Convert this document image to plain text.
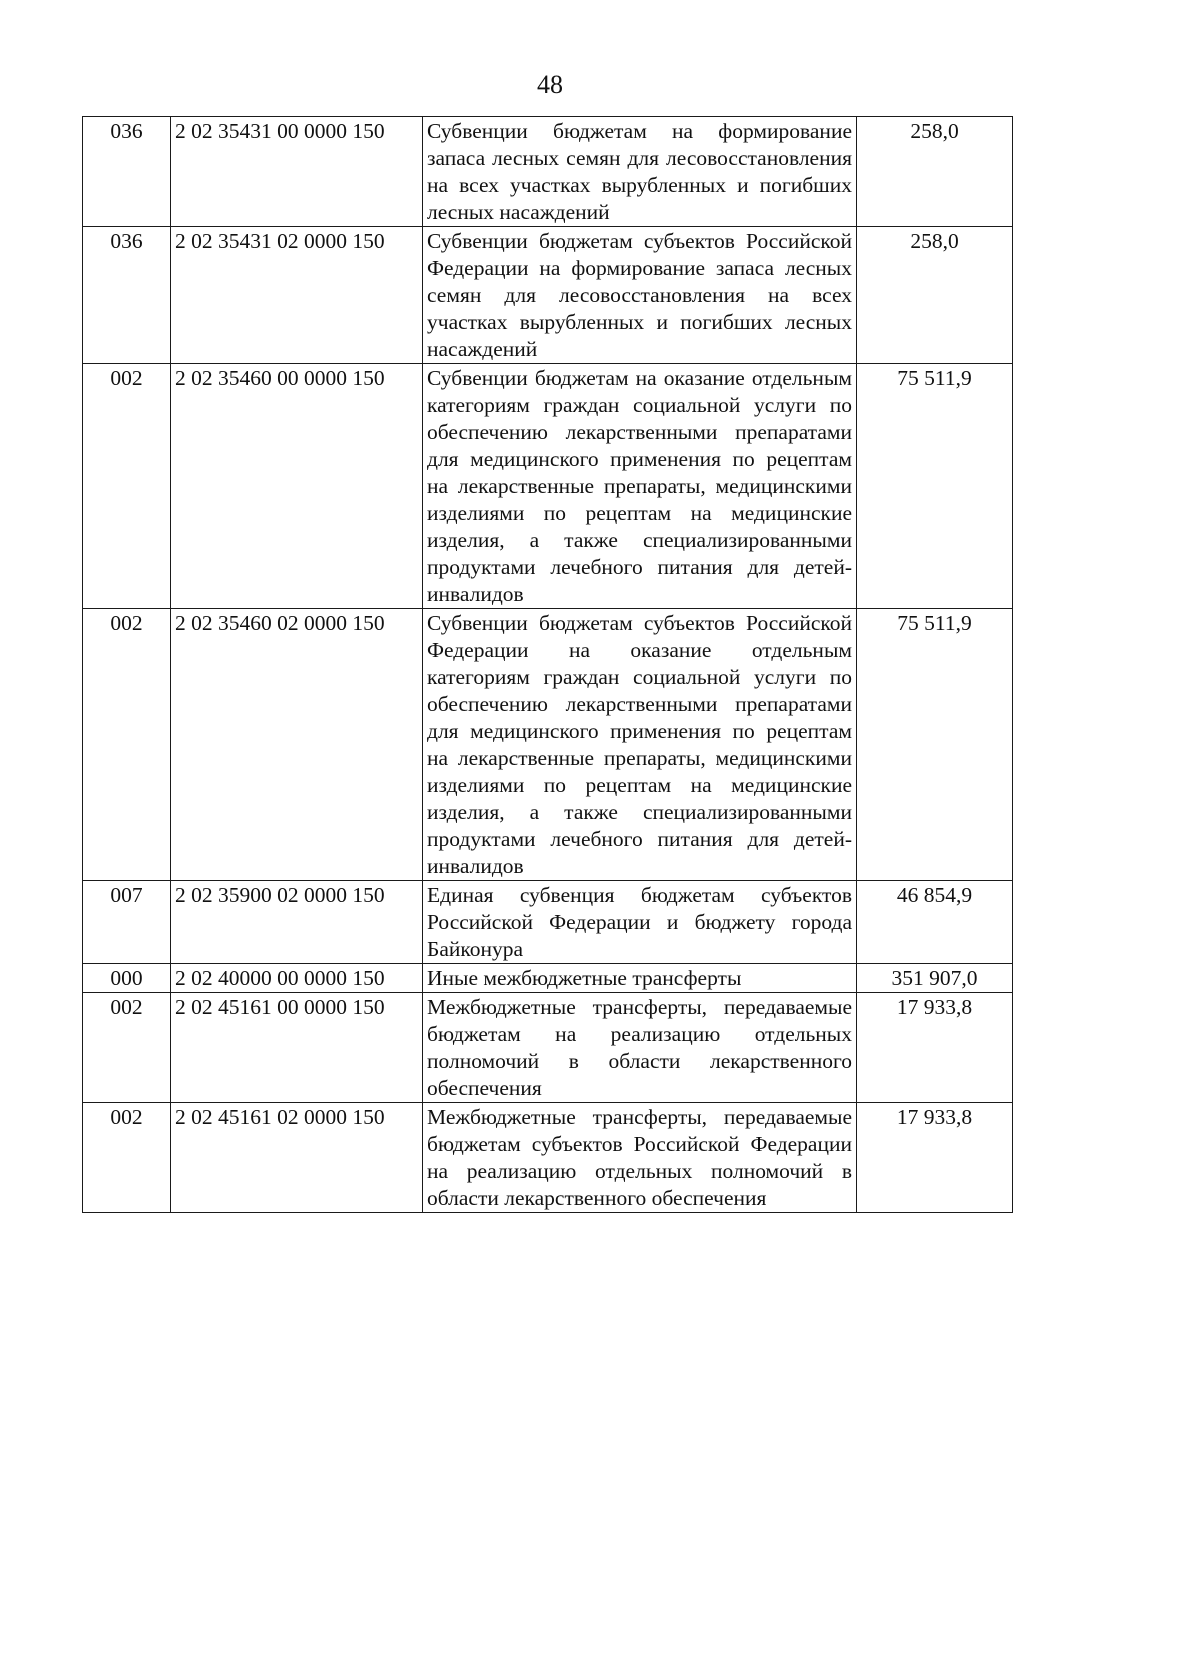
48
036	2 02 35431 00 0000 150	Субвенции бюджетам на формирование запаса лесных семян для лесовосстановления на всех участках вырубленных и погибших лесных насаждений	258,0
036	2 02 35431 02 0000 150	Субвенции бюджетам субъектов Российской Федерации на формирование запаса лесных семян для лесовосстановления на всех участках вырубленных и погибших лесных насаждений	258,0
002	2 02 35460 00 0000 150	Субвенции бюджетам на оказание отдельным категориям граждан социальной услуги по обеспечению лекарственными препаратами для медицинского применения по рецептам на лекарственные препараты, медицинскими изделиями по рецептам на медицинские изделия, а также специализированными продуктами лечебного питания для детей-инвалидов	75 511,9
002	2 02 35460 02 0000 150	Субвенции бюджетам субъектов Российской Федерации на оказание отдельным категориям граждан социальной услуги по обеспечению лекарственными препаратами для медицинского применения по рецептам на лекарственные препараты, медицинскими изделиями по рецептам на медицинские изделия, а также специализированными продуктами лечебного питания для детей-инвалидов	75 511,9
007	2 02 35900 02 0000 150	Единая субвенция бюджетам субъектов Российской Федерации и бюджету города Байконура	46 854,9
000	2 02 40000 00 0000 150	Иные межбюджетные трансферты	351 907,0
002	2 02 45161 00 0000 150	Межбюджетные трансферты, передаваемые бюджетам на реализацию отдельных полномочий в области лекарственного обеспечения	17 933,8
002	2 02 45161 02 0000 150	Межбюджетные трансферты, передаваемые бюджетам субъектов Российской Федерации на реализацию отдельных полномочий в области лекарственного обеспечения	17 933,8
